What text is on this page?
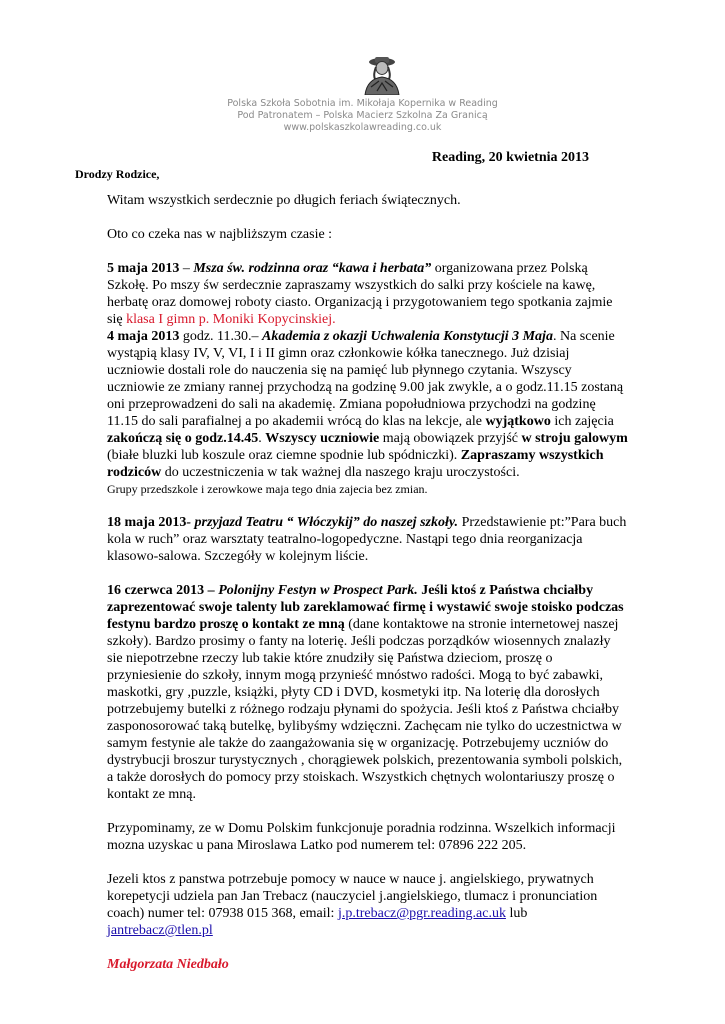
Polska Szkoła Sobotnia im. Mikołaja Kopernika w Reading
Pod Patronatem – Polska Macierz Szkolna Za Granicą
www.polskaszkolawreading.co.uk
Reading, 20 kwietnia 2013
Drodzy Rodzice,

Witam wszystkich serdecznie po długich feriach świątecznych.

Oto co czeka nas w najbliższym czasie :

5 maja 2013 – Msza św. rodzinna oraz “kawa i herbata” organizowana przez Polską Szkołę. Po mszy św serdecznie zapraszamy wszystkich do salki przy kościele na kawę, herbatę oraz domowej roboty ciasto. Organizacją i przygotowaniem tego spotkania zajmie się klasa I gimn p. Moniki Kopycinskiej.

4 maja 2013 godz. 11.30.– Akademia z okazji Uchwalenia Konstytucji 3 Maja. Na scenie wystąpią klasy IV, V, VI, I i II gimn oraz członkowie kółka tanecznego. Już dzisiaj uczniowie dostali role do nauczenia się na pamięć lub płynnego czytania. Wszyscy uczniowie ze zmiany rannej przychodzą na godzinę 9.00 jak zwykle, a o godz.11.15 zostaną oni przeprowadzeni do sali na akademię. Zmiana popołudniowa przychodzi na godzinę 11.15 do sali parafialnej a po akademii wrócą do klas na lekcje, ale wyjątkowo ich zajęcia zakończą się o godz.14.45. Wszyscy uczniowie mają obowiązek przyjść w stroju galowym (białe bluzki lub koszule oraz ciemne spodnie lub spódniczki). Zapraszamy wszystkich rodziców do uczestniczenia w tak ważnej dla naszego kraju uroczystości.

Grupy przedszkole i zerowkowe maja tego dnia zajecia bez zmian.

18 maja 2013- przyjazd Teatru “ Włóczykij” do naszej szkoły. Przedstawienie pt:”Para buch kola w ruch” oraz warsztaty teatralno-logopedyczne. Nastąpi tego dnia reorganizacja klasowo-salowa. Szczegóły w kolejnym liście.

16 czerwca 2013 – Polonijny Festyn w Prospect Park. Jeśli ktoś z Państwa chciałby zaprezentować swoje talenty lub zareklamować firmę i wystawić swoje stoisko podczas festynu bardzo proszę o kontakt ze mną (dane kontaktowe na stronie internetowej naszej szkoły). Bardzo prosimy o fanty na loterię. Jeśli podczas porządków wiosennych znalazły sie niepotrzebne rzeczy lub takie które znudziły się Państwa dzieciom, proszę o przyniesienie do szkoły, innym mogą przynieść mnóstwo radości. Mogą to być zabawki, maskotki, gry ,puzzle, książki, płyty CD i DVD, kosmetyki itp. Na loterię dla dorosłych potrzebujemy butelki z różnego rodzaju płynami do spożycia. Jeśli ktoś z Państwa chciałby zasponosorować taką butelkę, bylibyśmy wdzięczni. Zachęcam nie tylko do uczestnictwa w samym festynie ale także do zaangażowania się w organizację. Potrzebujemy uczniów do dystrybucji broszur turystycznych , chorągiewek polskich, prezentowania symboli polskich, a także dorosłych do pomocy przy stoiskach. Wszystkich chętnych wolontariuszy proszę o kontakt ze mną.

Przypominamy, ze w Domu Polskim funkcjonuje poradnia rodzinna. Wszelkich informacji mozna uzyskac u pana Miroslawa Latko pod numerem tel: 07896 222 205.

Jezeli ktos z panstwa potrzebuje pomocy w nauce w nauce j. angielskiego, prywatnych korepetycji udziela pan Jan Trebacz (nauczyciel j.angielskiego, tlumacz i pronunciation coach) numer tel: 07938 015 368, email: j.p.trebacz@pgr.reading.ac.uk lub jantrebacz@tlen.pl

Małgorzata Niedbało
